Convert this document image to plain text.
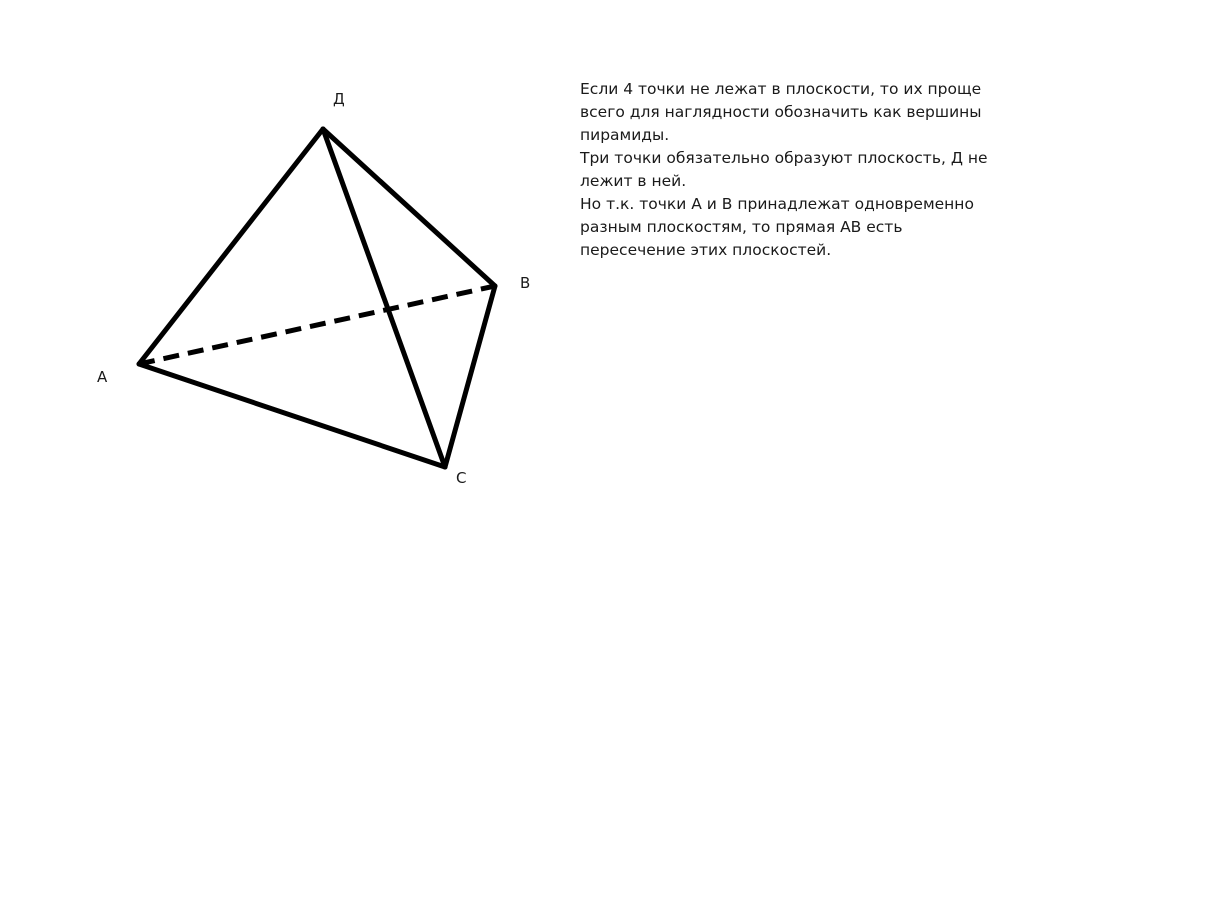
Д
В
А
С
Если 4 точки не лежат в плоскости, то их проще
всего для наглядности обозначить как вершины
пирамиды.
Три точки обязательно образуют плоскость, Д не
лежит в ней.
Но т.к. точки А и В принадлежат одновременно
разным плоскостям, то прямая АВ есть
пересечение этих плоскостей.
